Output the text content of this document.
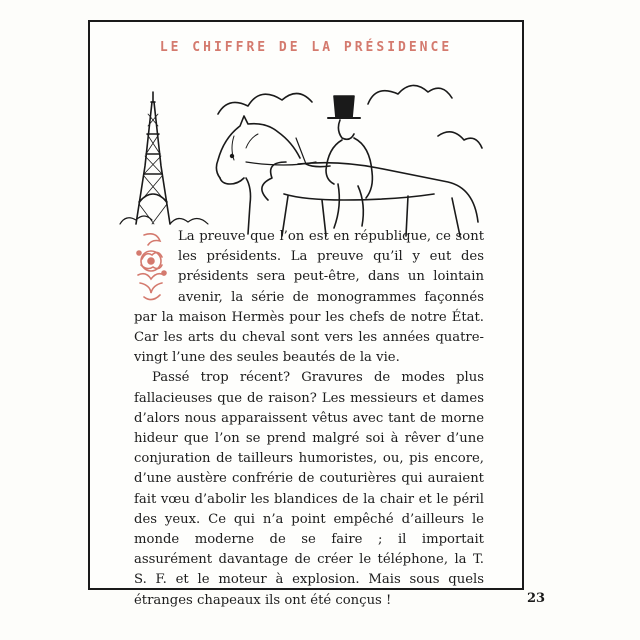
LE CHIFFRE DE LA PRÉSIDENCE

La preuve que l’on est en république, ce sont les présidents. La preuve qu’il y eut des présidents sera peut-être, dans un lointain avenir, la série de monogrammes façonnés par la maison Hermès pour les chefs de notre État. Car les arts du cheval sont vers les années quatre-vingt l’une des seules beautés de la vie.

Passé trop récent? Gravures de modes plus fallacieuses que de raison? Les messieurs et dames d’alors nous apparaissent vêtus avec tant de morne hideur que l’on se prend malgré soi à rêver d’une conjuration de tailleurs humoristes, ou, pis encore, d’une austère confrérie de couturières qui auraient fait vœu d’abolir les blandices de la chair et le péril des yeux. Ce qui n’a point empêché d’ailleurs le monde moderne de se faire ; il importait assurément davantage de créer le téléphone, la T. S. F. et le moteur à explosion. Mais sous quels étranges chapeaux ils ont été conçus !	23
